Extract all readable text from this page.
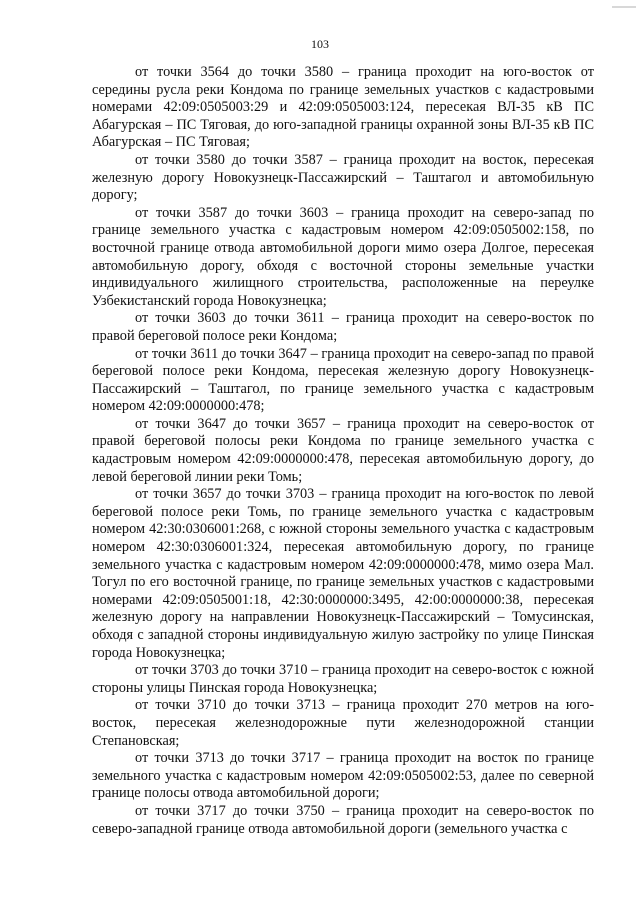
103

от точки 3564 до точки 3580 – граница проходит на юго-восток от середины русла реки Кондома по границе земельных участков с кадастровыми номерами 42:09:0505003:29 и 42:09:0505003:124, пересекая ВЛ-35 кВ ПС Абагурская – ПС Тяговая, до юго-западной границы охранной зоны ВЛ-35 кВ ПС Абагурская – ПС Тяговая;

от точки 3580 до точки 3587 – граница проходит на восток, пересекая железную дорогу Новокузнецк-Пассажирский – Таштагол и автомобильную дорогу;

от точки 3587 до точки 3603 – граница проходит на северо-запад по границе земельного участка с кадастровым номером 42:09:0505002:158, по восточной границе отвода автомобильной дороги мимо озера Долгое, пересекая автомобильную дорогу, обходя с восточной стороны земельные участки индивидуального жилищного строительства, расположенные на переулке Узбекистанский города Новокузнецка;

от точки 3603 до точки 3611 – граница проходит на северо-восток по правой береговой полосе реки Кондома;

от точки 3611 до точки 3647 – граница проходит на северо-запад по правой береговой полосе реки Кондома, пересекая железную дорогу Новокузнецк-Пассажирский – Таштагол, по границе земельного участка с кадастровым номером 42:09:0000000:478;

от точки 3647 до точки 3657 – граница проходит на северо-восток от правой береговой полосы реки Кондома по границе земельного участка с кадастровым номером 42:09:0000000:478, пересекая автомобильную дорогу, до левой береговой линии реки Томь;

от точки 3657 до точки 3703 – граница проходит на юго-восток по левой береговой полосе реки Томь, по границе земельного участка с кадастровым номером 42:30:0306001:268, с южной стороны земельного участка с кадастровым номером 42:30:0306001:324, пересекая автомобильную дорогу, по границе земельного участка с кадастровым номером 42:09:0000000:478, мимо озера Мал. Тогул по его восточной границе, по границе земельных участков с кадастровыми номерами 42:09:0505001:18, 42:30:0000000:3495, 42:00:0000000:38, пересекая железную дорогу на направлении Новокузнецк-Пассажирский – Томусинская, обходя с западной стороны индивидуальную жилую застройку по улице Пинская города Новокузнецка;

от точки 3703 до точки 3710 – граница проходит на северо-восток с южной стороны улицы Пинская города Новокузнецка;

от точки 3710 до точки 3713 – граница проходит 270 метров на юго-восток, пересекая железнодорожные пути железнодорожной станции Степановская;

от точки 3713 до точки 3717 – граница проходит на восток по границе земельного участка с кадастровым номером 42:09:0505002:53, далее по северной границе полосы отвода автомобильной дороги;

от точки 3717 до точки 3750 – граница проходит на северо-восток по северо-западной границе отвода автомобильной дороги (земельного участка с
